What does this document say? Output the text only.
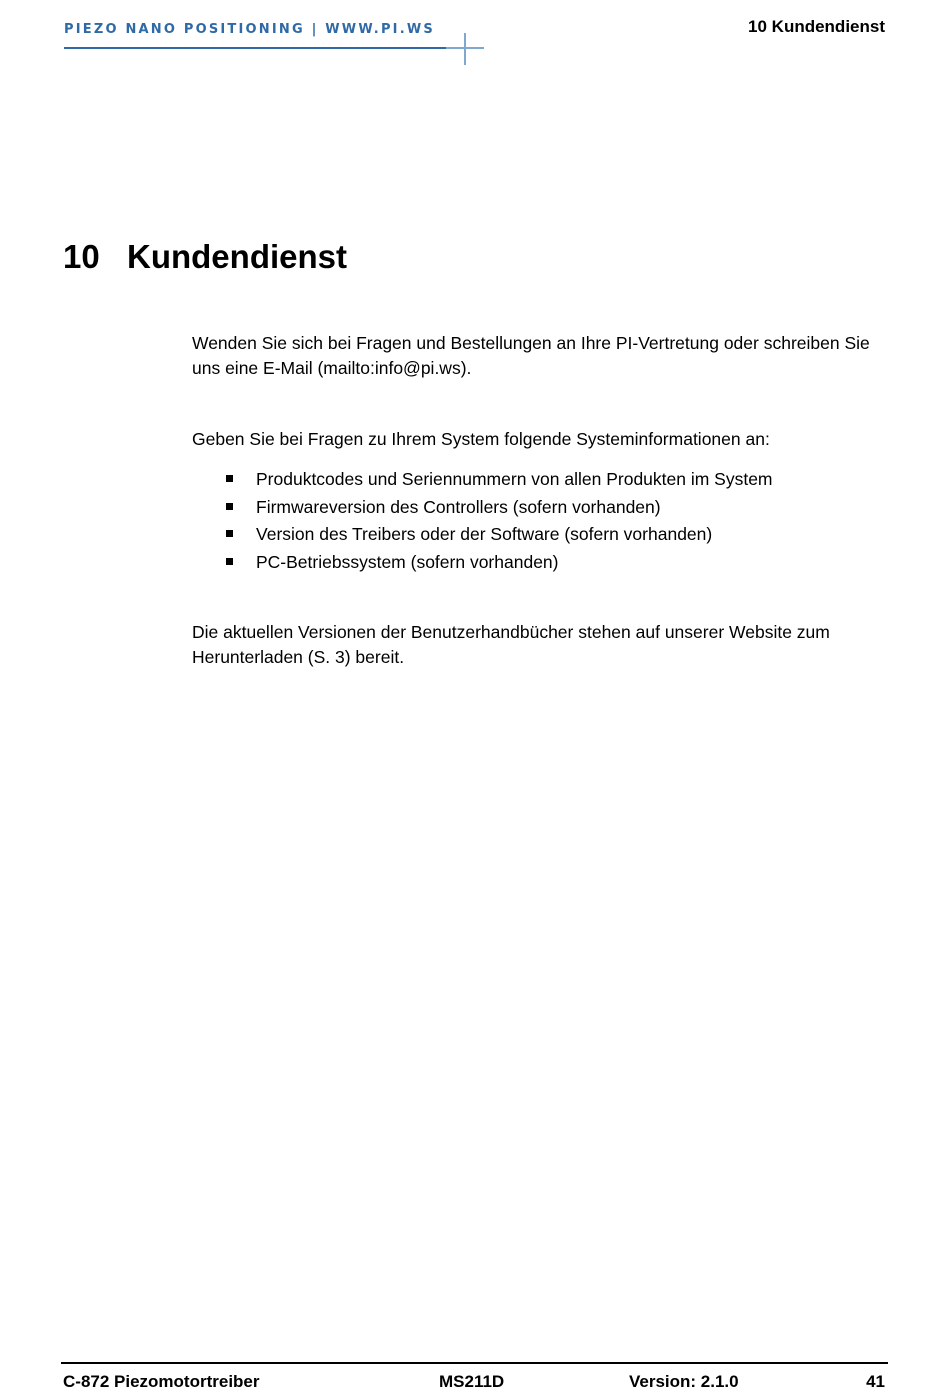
PIEZO NANO POSITIONING | WWW.PI.WS	10 Kundendienst
10 Kundendienst
Wenden Sie sich bei Fragen und Bestellungen an Ihre PI-Vertretung oder schreiben Sie uns eine E-Mail (mailto:info@pi.ws).
Geben Sie bei Fragen zu Ihrem System folgende Systeminformationen an:
Produktcodes und Seriennummern von allen Produkten im System
Firmwareversion des Controllers (sofern vorhanden)
Version des Treibers oder der Software (sofern vorhanden)
PC-Betriebssystem (sofern vorhanden)
Die aktuellen Versionen der Benutzerhandbücher stehen auf unserer Website zum Herunterladen (S. 3) bereit.
C-872 Piezomotortreiber	MS211D	Version: 2.1.0	41
